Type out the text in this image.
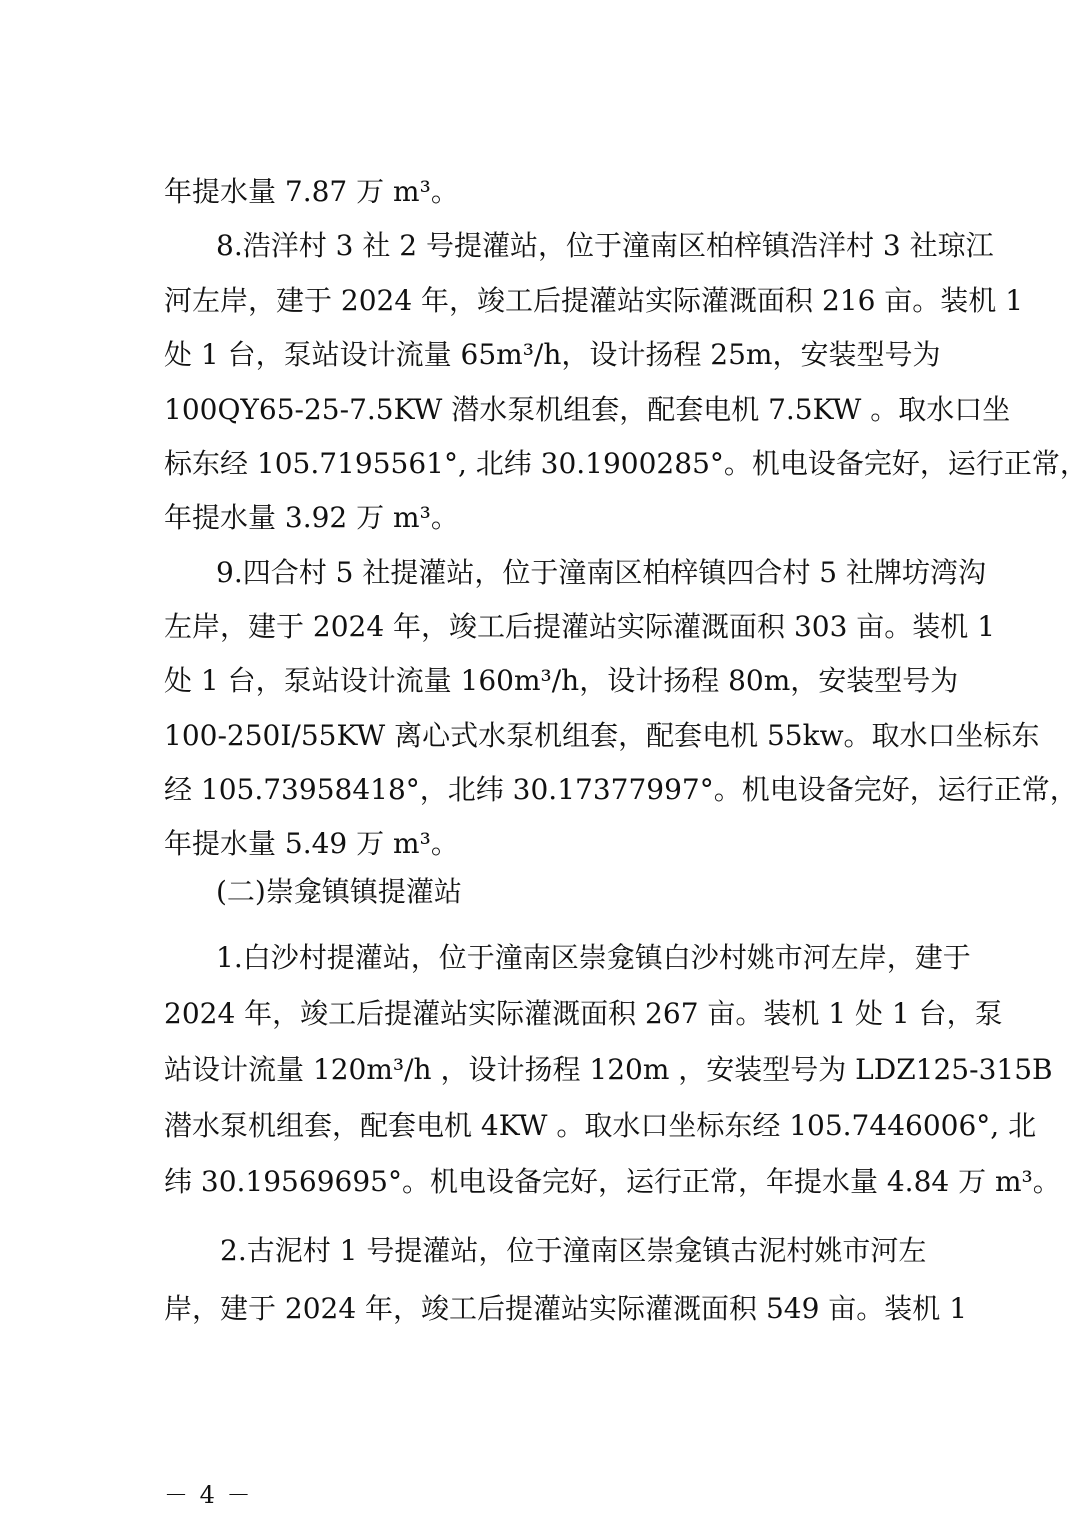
年提水量 7.87 万 m³。
8.浩洋村 3 社 2 号提灌站，位于潼南区柏梓镇浩洋村 3 社琼江
河左岸，建于 2024 年，竣工后提灌站实际灌溉面积 216 亩。装机 1
处 1 台，泵站设计流量 65m³/h，设计扬程 25m，安装型号为
100QY65-25-7.5KW 潜水泵机组套，配套电机 7.5KW 。取水口坐
标东经 105.7195561°, 北纬 30.1900285°。机电设备完好，运行正常，
年提水量 3.92 万 m³。
9.四合村 5 社提灌站，位于潼南区柏梓镇四合村 5 社牌坊湾沟
左岸，建于 2024 年，竣工后提灌站实际灌溉面积 303 亩。装机 1
处 1 台，泵站设计流量 160m³/h，设计扬程 80m，安装型号为
100-250I/55KW 离心式水泵机组套，配套电机 55kw。取水口坐标东
经 105.73958418°，北纬 30.17377997°。机电设备完好，运行正常，
年提水量 5.49 万 m³。
(二)崇龛镇镇提灌站
1.白沙村提灌站，位于潼南区崇龛镇白沙村姚市河左岸，建于
2024 年，竣工后提灌站实际灌溉面积 267 亩。装机 1 处 1 台，泵
站设计流量 120m³/h ，设计扬程 120m ，安装型号为 LDZ125-315B
潜水泵机组套，配套电机 4KW 。取水口坐标东经 105.7446006°, 北
纬 30.19569695°。机电设备完好，运行正常，年提水量 4.84 万 m³。
2.古泥村 1 号提灌站，位于潼南区崇龛镇古泥村姚市河左
岸，建于 2024 年，竣工后提灌站实际灌溉面积 549 亩。装机 1
－ 4 －
